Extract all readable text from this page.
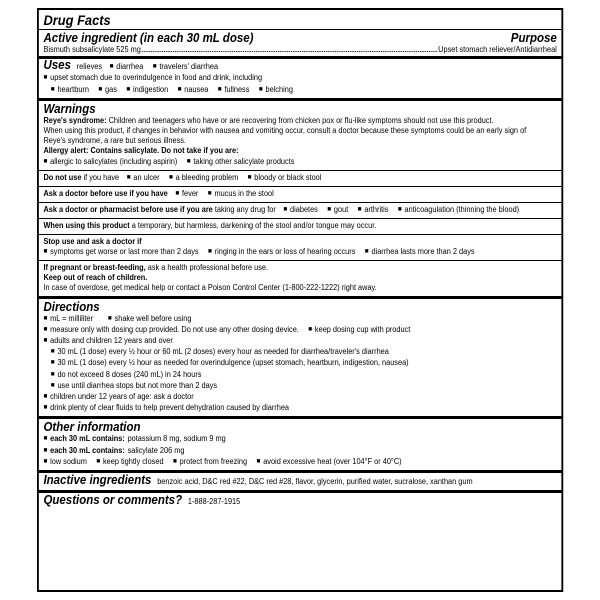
Drug Facts
Active ingredient (in each 30 mL dose)	Purpose
Bismuth subsalicylate 525 mg	Upset stomach reliever/Antidiarrheal
Uses relieves ■ diarrhea ■ travelers' diarrhea
■ upset stomach due to overindulgence in food and drink, including
■ heartburn ■ gas ■ indigestion ■ nausea ■ fullness ■ belching
Warnings
Reye's syndrome: Children and teenagers who have or are recovering from chicken pox or flu-like symptoms should not use this product.
When using this product, if changes in behavior with nausea and vomiting occur, consult a doctor because these symptoms could be an early sign of
Reye's syndrome, a rare but serious illness.
Allergy alert: Contains salicylate. Do not take if you are:
■ allergic to salicylates (including aspirin) ■ taking other salicylate products
Do not use if you have ■ an ulcer ■ a bleeding problem ■ bloody or black stool
Ask a doctor before use if you have ■ fever ■ mucus in the stool
Ask a doctor or pharmacist before use if you are taking any drug for ■ diabetes ■ gout ■ arthritis ■ anticoagulation (thinning the blood)
When using this product a temporary, but harmless, darkening of the stool and/or tongue may occur.
Stop use and ask a doctor if
■ symptoms get worse or last more than 2 days ■ ringing in the ears or loss of hearing occurs ■ diarrhea lasts more than 2 days
If pregnant or breast-feeding, ask a health professional before use.
Keep out of reach of children.
In case of overdose, get medical help or contact a Poison Control Center (1-800-222-1222) right away.
Directions
■ mL = milliliter	■ shake well before using
■ measure only with dosing cup provided. Do not use any other dosing device. ■ keep dosing cup with product
■ adults and children 12 years and over
■ 30 mL (1 dose) every ½ hour or 60 mL (2 doses) every hour as needed for diarrhea/traveler's diarrhea
■ 30 mL (1 dose) every ½ hour as needed for overindulgence (upset stomach, heartburn, indigestion, nausea)
■ do not exceed 8 doses (240 mL) in 24 hours
■ use until diarrhea stops but not more than 2 days
■ children under 12 years of age: ask a doctor
■ drink plenty of clear fluids to help prevent dehydration caused by diarrhea
Other information
■ each 30 mL contains: potassium 8 mg, sodium 9 mg
■ each 30 mL contains: salicylate 206 mg
■ low sodium ■ keep tightly closed ■ protect from freezing ■ avoid excessive heat (over 104°F or 40°C)
Inactive ingredients benzoic acid, D&C red #22, D&C red #28, flavor, glycerin, purified water, sucralose, xanthan gum
Questions or comments? 1-888-287-1915
